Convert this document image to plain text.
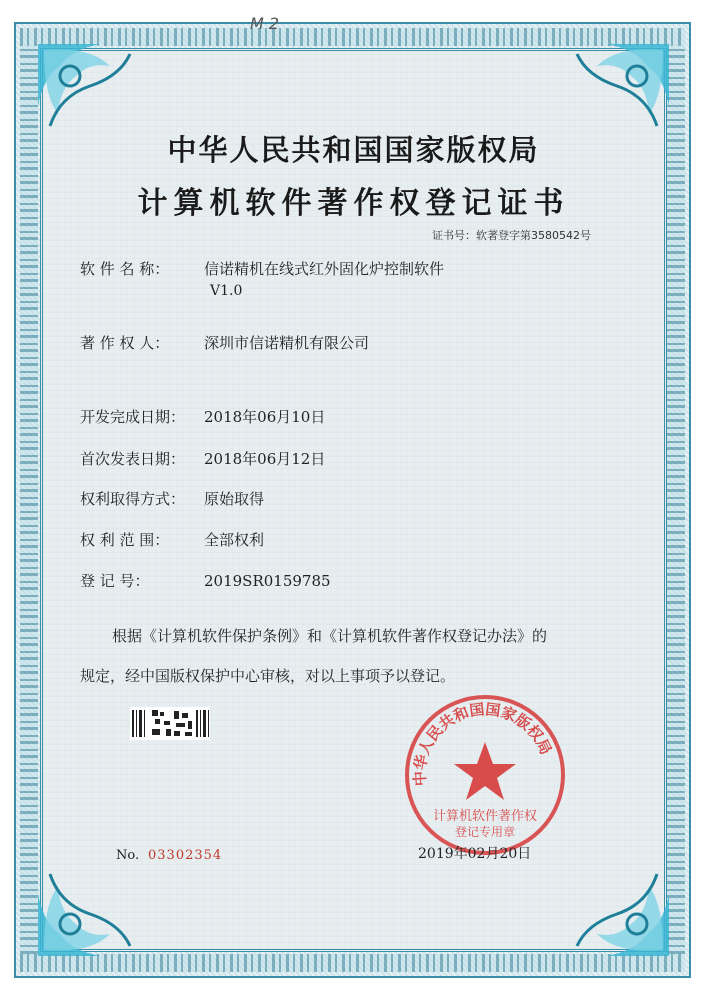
M 2
中华人民共和国国家版权局
计算机软件著作权登记证书
证书号：软著登字第3580542号
软 件 名 称： 信诺精机在线式红外固化炉控制软件
V1.0
著 作 权 人： 深圳市信诺精机有限公司
开发完成日期： 2018年06月10日
首次发表日期： 2018年06月12日
权利取得方式： 原始取得
权 利 范 围： 全部权利
登 记 号：	2019SR0159785
根据《计算机软件保护条例》和《计算机软件著作权登记办法》的
规定，经中国版权保护中心审核，对以上事项予以登记。
中华人民共和国国家版权局
计算机软件著作权
登记专用章
No. 03302354	2019年02月20日
